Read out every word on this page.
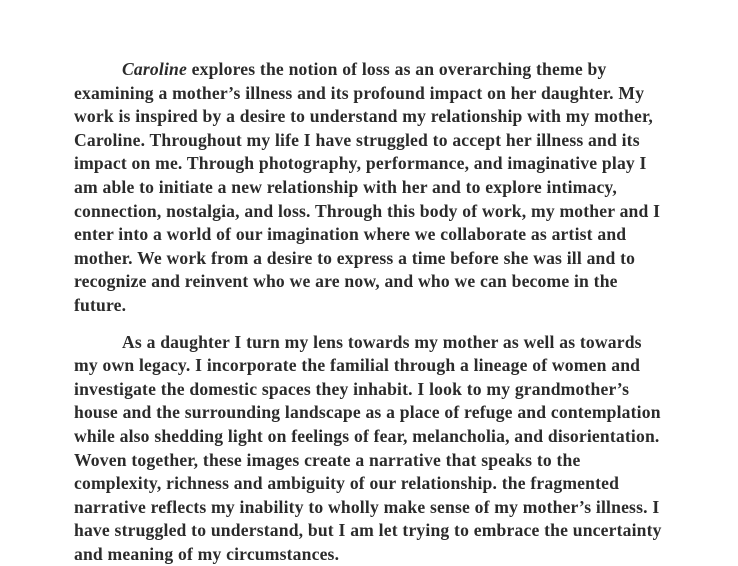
Caroline explores the notion of loss as an overarching theme by examining a mother’s illness and its profound impact on her daughter. My work is inspired by a desire to understand my relationship with my mother, Caroline. Throughout my life I have struggled to accept her illness and its impact on me. Through photography, performance, and imaginative play I am able to initiate a new relationship with her and to explore intimacy, connection, nostalgia, and loss. Through this body of work, my mother and I enter into a world of our imagination where we collaborate as artist and mother. We work from a desire to express a time before she was ill and to recognize and reinvent who we are now, and who we can become in the future.

As a daughter I turn my lens towards my mother as well as towards my own legacy. I incorporate the familial through a lineage of women and investigate the domestic spaces they inhabit. I look to my grandmother’s house and the surrounding landscape as a place of refuge and contemplation while also shedding light on feelings of fear, melancholia, and disorientation. Woven together, these images create a narrative that speaks to the complexity, richness and ambiguity of our relationship. the fragmented narrative reflects my inability to wholly make sense of my mother’s illness. I have struggled to understand, but I am let trying to embrace the uncertainty and meaning of my circumstances.
